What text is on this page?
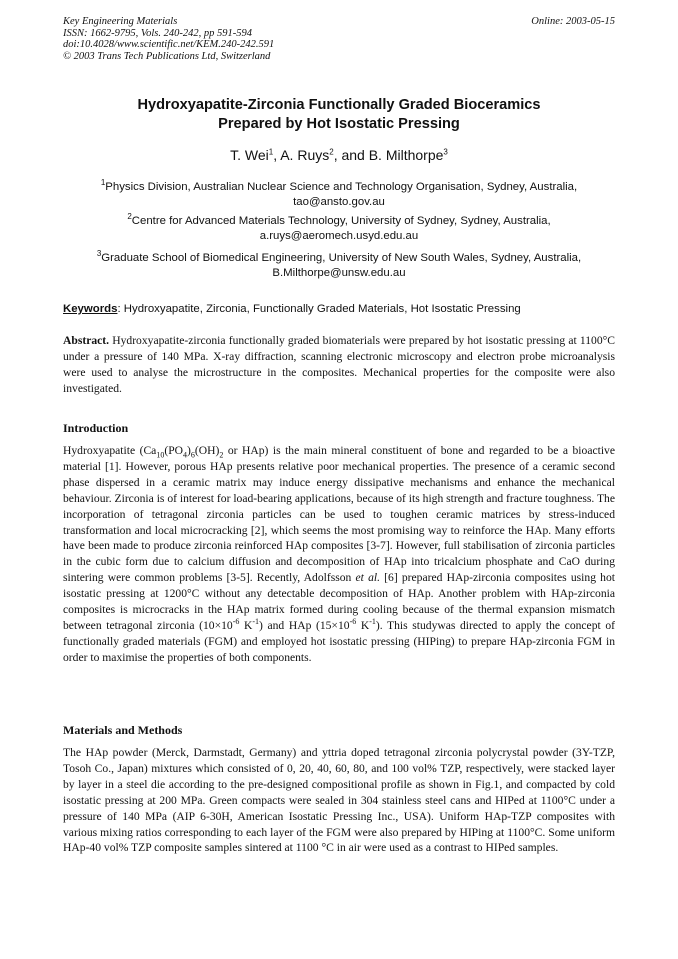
Key Engineering Materials
ISSN: 1662-9795, Vols. 240-242, pp 591-594
doi:10.4028/www.scientific.net/KEM.240-242.591
© 2003 Trans Tech Publications Ltd, Switzerland

Online: 2003-05-15
Hydroxyapatite-Zirconia Functionally Graded Bioceramics
Prepared by Hot Isostatic Pressing
T. Wei$^1$, A. Ruys$^2$, and B. Milthorpe$^3$
$^1$Physics Division, Australian Nuclear Science and Technology Organisation, Sydney, Australia,
tao@ansto.gov.au
$^2$Centre for Advanced Materials Technology, University of Sydney, Sydney, Australia,
a.ruys@aeromech.usyd.edu.au
$^3$Graduate School of Biomedical Engineering, University of New South Wales, Sydney, Australia,
B.Milthorpe@unsw.edu.au
Keywords: Hydroxyapatite, Zirconia, Functionally Graded Materials, Hot Isostatic Pressing
Abstract. Hydroxyapatite-zirconia functionally graded biomaterials were prepared by hot isostatic pressing at 1100°C under a pressure of 140 MPa. X-ray diffraction, scanning electronic microscopy and electron probe microanalysis were used to analyse the microstructure in the composites. Mechanical properties for the composite were also investigated.
Introduction
Hydroxyapatite ($Ca_{10}(PO_4)_6(OH)_2$ or HAp) is the main mineral constituent of bone and regarded to be a bioactive material [1]. However, porous HAp presents relative poor mechanical properties. The presence of a ceramic second phase dispersed in a ceramic matrix may induce energy dissipative mechanisms and enhance the mechanical behaviour. Zirconia is of interest for load-bearing applications, because of its high strength and fracture toughness. The incorporation of tetragonal zirconia particles can be used to toughen ceramic matrices by stress-induced transformation and local microcracking [2], which seems the most promising way to reinforce the HAp. Many efforts have been made to produce zirconia reinforced HAp composites [3-7]. However, full stabilisation of zirconia particles in the cubic form due to calcium diffusion and decomposition of HAp into tricalcium phosphate and CaO during sintering were common problems [3-5]. Recently, Adolfsson et al. [6] prepared HAp-zirconia composites using hot isostatic pressing at 1200°C without any detectable decomposition of HAp. Another problem with HAp-zirconia composites is microcracks in the HAp matrix formed during cooling because of the thermal expansion mismatch between tetragonal zirconia ($10\times 10^{-6}$ $K^{-1}$) and HAp ($15\times 10^{-6}$ $K^{-1}$). This studywas directed to apply the concept of functionally graded materials (FGM) and employed hot isostatic pressing (HIPing) to prepare HAp-zirconia FGM in order to maximise the properties of both components.
Materials and Methods
The HAp powder (Merck, Darmstadt, Germany) and yttria doped tetragonal zirconia polycrystal powder (3Y-TZP, Tosoh Co., Japan) mixtures which consisted of 0, 20, 40, 60, 80, and 100 vol% TZP, respectively, were stacked layer by layer in a steel die according to the pre-designed compositional profile as shown in Fig.1, and compacted by cold isostatic pressing at 200 MPa. Green compacts were sealed in 304 stainless steel cans and HIPed at 1100°C under a pressure of 140 MPa (AIP 6-30H, American Isostatic Pressing Inc., USA). Uniform HAp-TZP composites with various mixing ratios corresponding to each layer of the FGM were also prepared by HIPing at 1100°C. Some uniform HAp-40 vol% TZP composite samples sintered at 1100 °C in air were used as a contrast to HIPed samples.
